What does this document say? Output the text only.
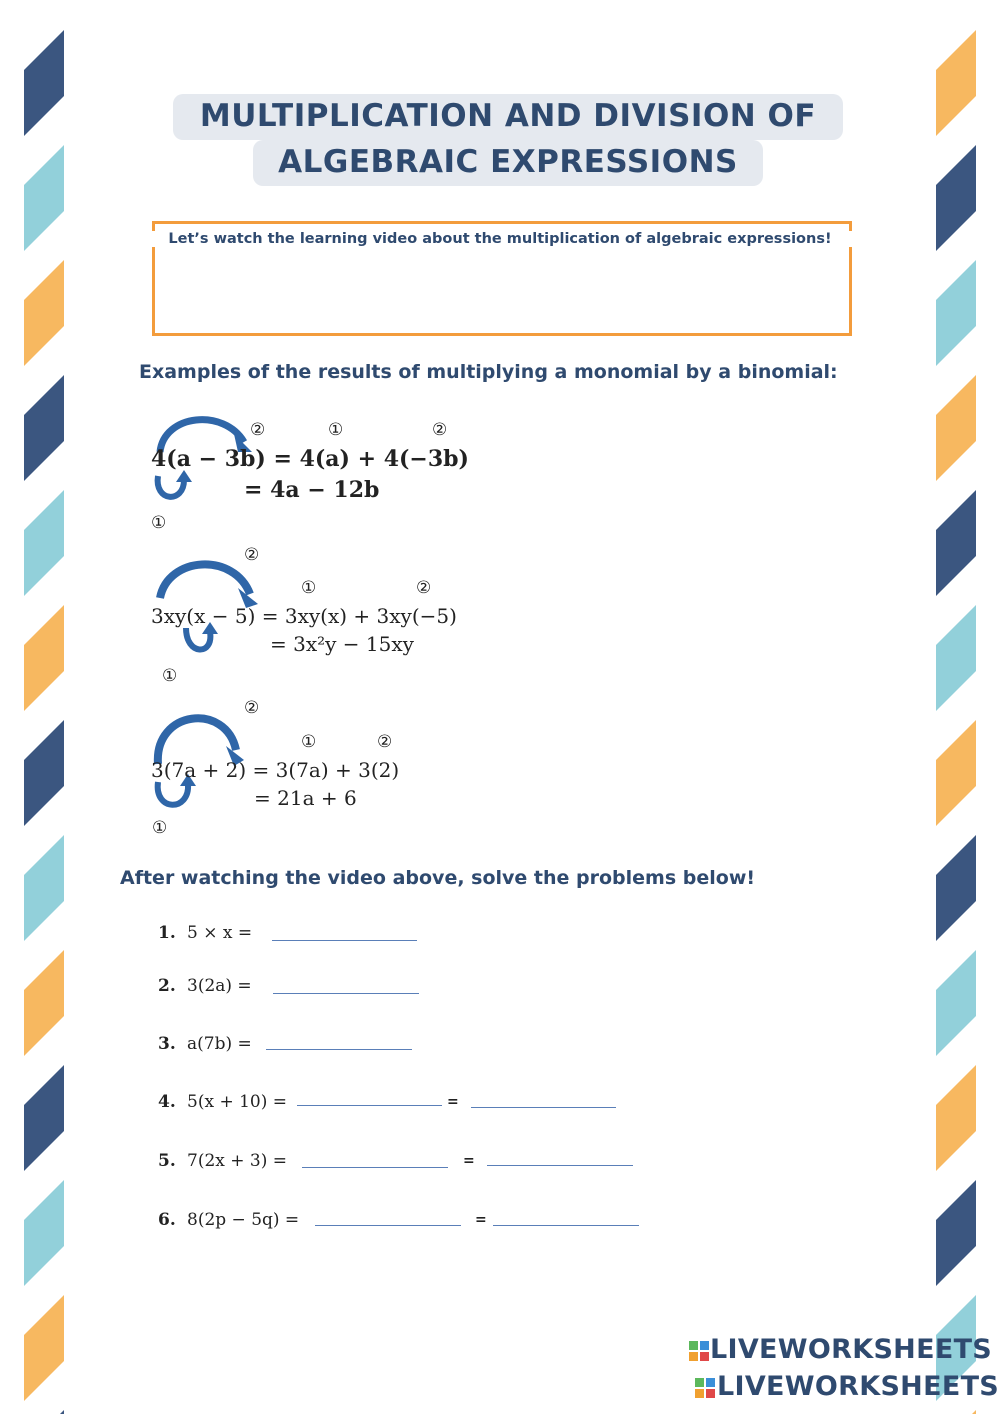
MULTIPLICATION AND DIVISION OF
ALGEBRAIC EXPRESSIONS
Let’s watch the learning video about the multiplication of algebraic expressions!
Examples of the results of multiplying a monomial by a binomial:
②	①	②
4(a − 3b) = 4(a) + 4(−3b)
= 4a − 12b
①
②
①	②
3xy(x − 5) = 3xy(x) + 3xy(−5)
= 3x²y − 15xy
①
②
①	②
3(7a + 2) = 3(7a) + 3(2)
= 21a + 6
①
After watching the video above, solve the problems below!
1. 5 × x =
2. 3(2a) =
3. a(7b) =
4. 5(x + 10) =	=
5. 7(2x + 3) =	=
6. 8(2p − 5q) =	=
LIVEWORKSHEETS
LIVEWORKSHEETS
